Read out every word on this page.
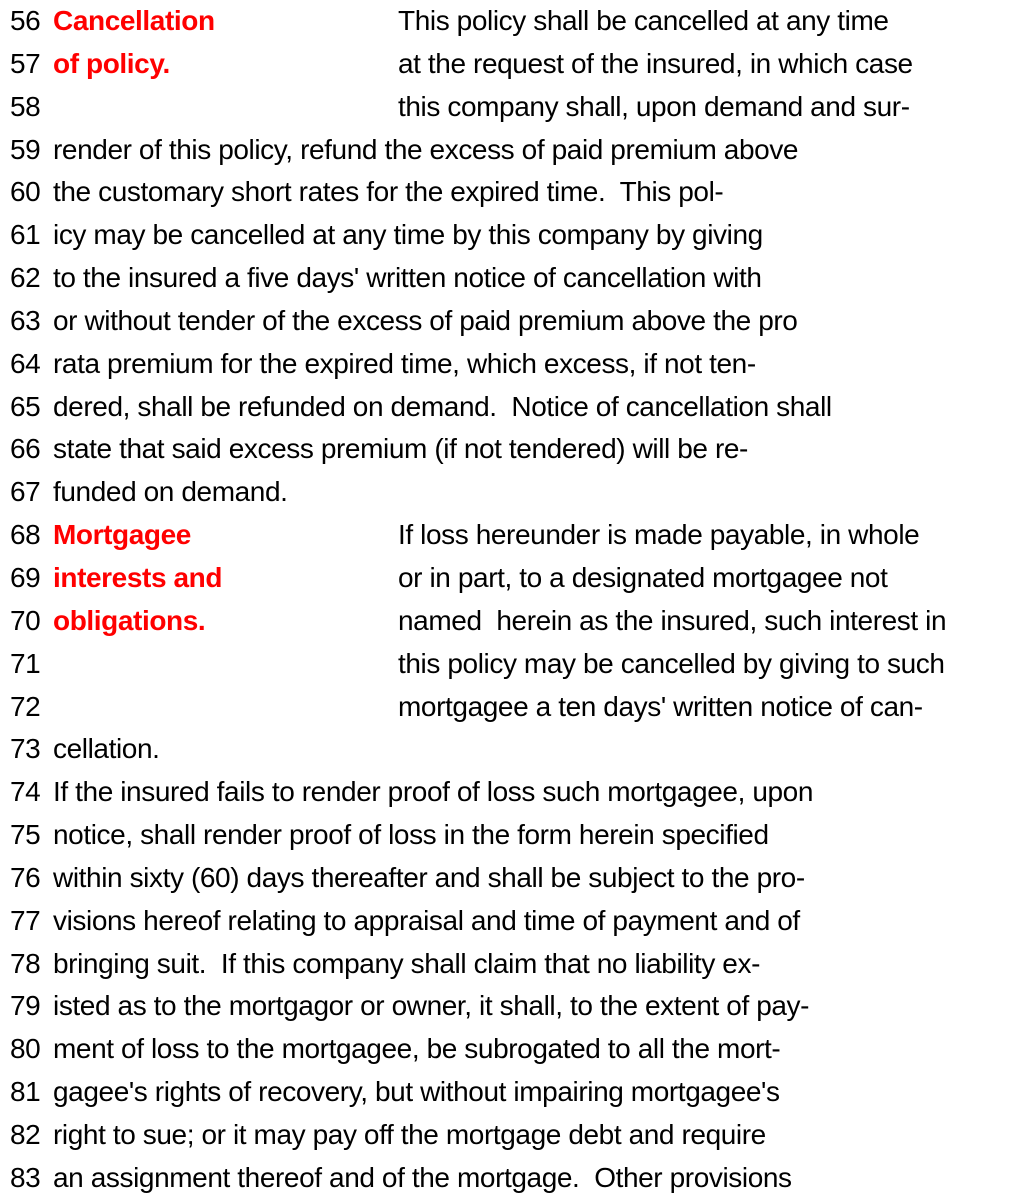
56

Cancellation

	This policy shall be cancelled at any time

57

of policy.

	at the request of the insured, in which case

58

	this company shall, upon demand and sur-

59

render of this policy, refund the excess of paid premium above

60

the customary short rates for the expired time.  This pol-

61

icy may be cancelled at any time by this company by giving

62

to the insured a five days' written notice of cancellation with

63

or without tender of the excess of paid premium above the pro

64

rata premium for the expired time, which excess, if not ten-

65

dered, shall be refunded on demand.  Notice of cancellation shall

66

state that said excess premium (if not tendered) will be re-

67

funded on demand.

68

Mortgagee

	If loss hereunder is made payable, in whole

69

interests and

	or in part, to a designated mortgagee not

70

obligations.

	named  herein as the insured, such interest in

71

	this policy may be cancelled by giving to such

72

	mortgagee a ten days' written notice of can-

73

cellation.

74

If the insured fails to render proof of loss such mortgagee, upon

75

notice, shall render proof of loss in the form herein specified

76

within sixty (60) days thereafter and shall be subject to the pro-

77

visions hereof relating to appraisal and time of payment and of

78

bringing suit.  If this company shall claim that no liability ex-

79

isted as to the mortgagor or owner, it shall, to the extent of pay-

80

ment of loss to the mortgagee, be subrogated to all the mort-

81

gagee's rights of recovery, but without impairing mortgagee's

82

right to sue; or it may pay off the mortgage debt and require

83

an assignment thereof and of the mortgage.  Other provisions
